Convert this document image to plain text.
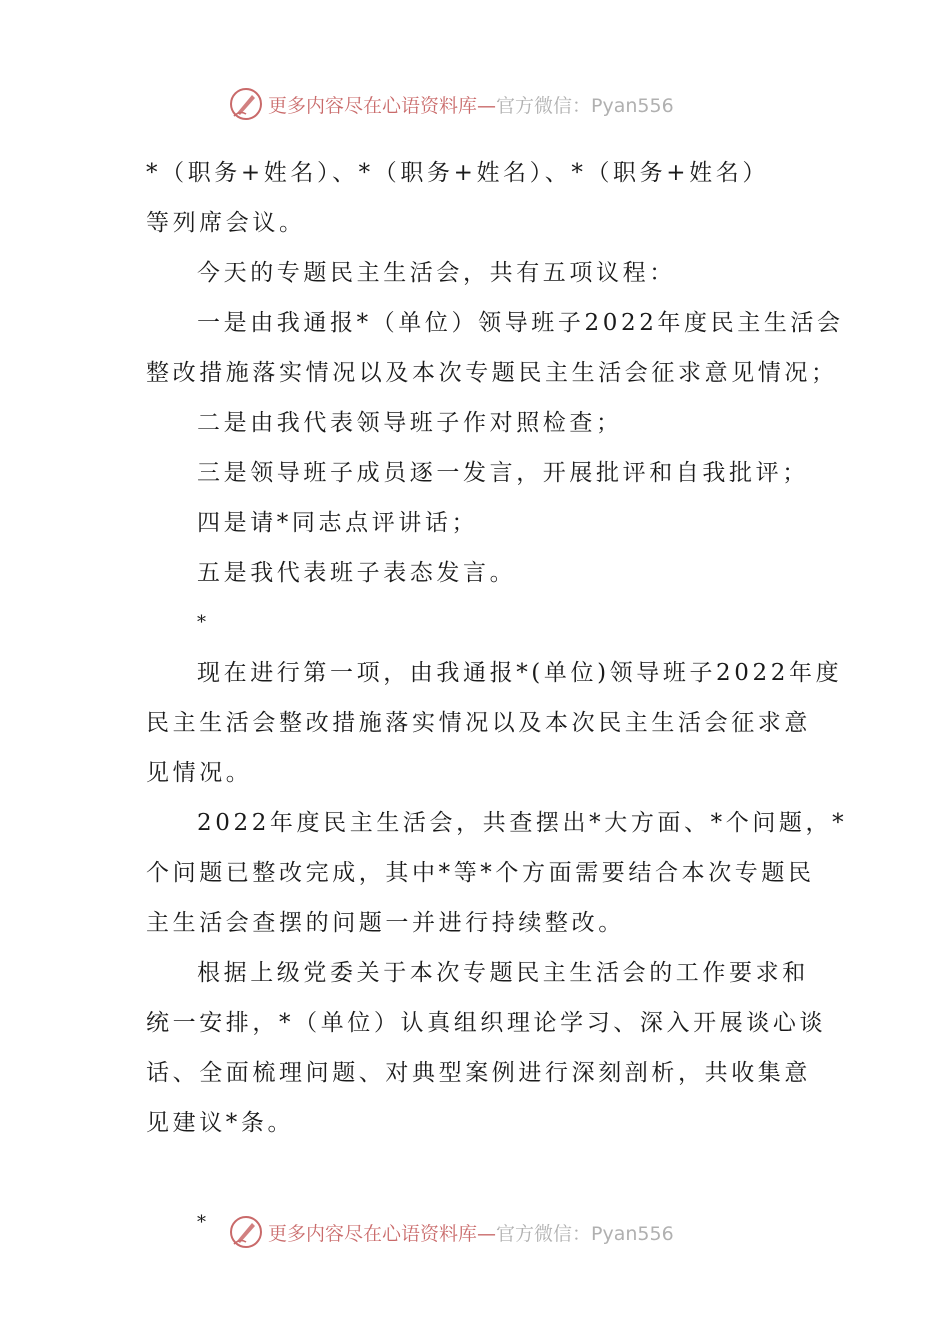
更多内容尽在心语资料库— 官方微信：Pyan556
*（职务+姓名）、*（职务+姓名）、*（职务+姓名）
等列席会议。
今天的专题民主生活会，共有五项议程：
一是由我通报*（单位）领导班子2022年度民主生活会
整改措施落实情况以及本次专题民主生活会征求意见情况；
二是由我代表领导班子作对照检查；
三是领导班子成员逐一发言，开展批评和自我批评；
四是请*同志点评讲话；
五是我代表班子表态发言。
*
现在进行第一项，由我通报*(单位)领导班子2022年度
民主生活会整改措施落实情况以及本次民主生活会征求意
见情况。
2022年度民主生活会，共查摆出*大方面、*个问题，*
个问题已整改完成，其中*等*个方面需要结合本次专题民
主生活会查摆的问题一并进行持续整改。
根据上级党委关于本次专题民主生活会的工作要求和
统一安排，*（单位）认真组织理论学习、深入开展谈心谈
话、全面梳理问题、对典型案例进行深刻剖析，共收集意
见建议*条。
*	更多内容尽在心语资料库— 官方微信：Pyan556
